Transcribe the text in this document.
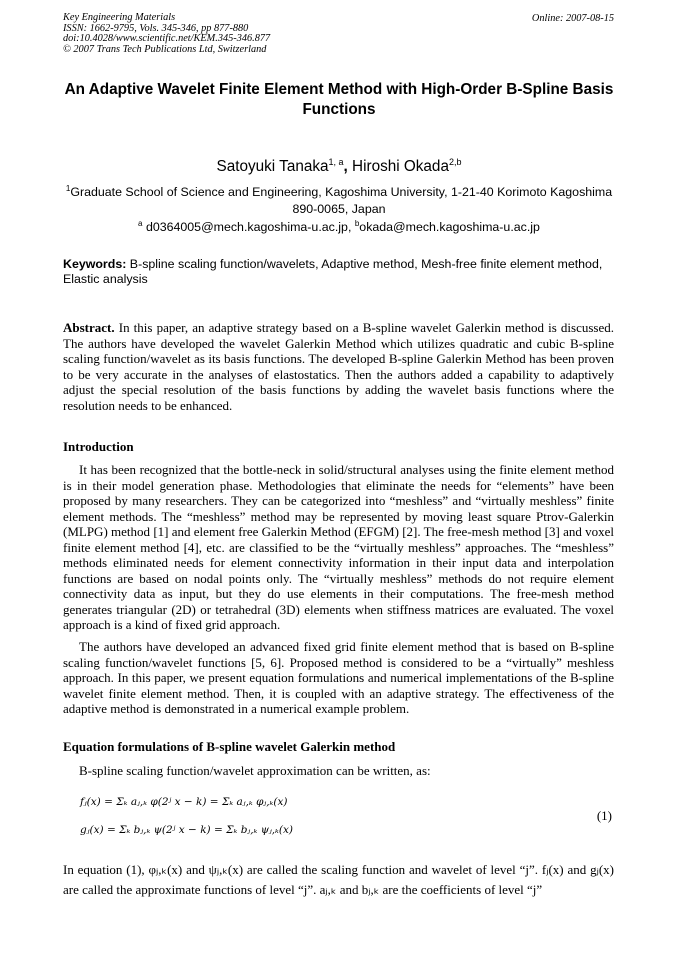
Key Engineering Materials
ISSN: 1662-9795, Vols. 345-346, pp 877-880
doi:10.4028/www.scientific.net/KEM.345-346.877
© 2007 Trans Tech Publications Ltd, Switzerland
Online: 2007-08-15
An Adaptive Wavelet Finite Element Method with High-Order B-Spline Basis Functions
Satoyuki Tanaka$^{1, a}$, Hiroshi Okada$^{2,b}$
$^1$Graduate School of Science and Engineering, Kagoshima University, 1-21-40 Korimoto Kagoshima 890-0065, Japan
$^a$ d0364005@mech.kagoshima-u.ac.jp, $^b$okada@mech.kagoshima-u.ac.jp
Keywords: B-spline scaling function/wavelets, Adaptive method, Mesh-free finite element method, Elastic analysis
Abstract. In this paper, an adaptive strategy based on a B-spline wavelet Galerkin method is discussed. The authors have developed the wavelet Galerkin Method which utilizes quadratic and cubic B-spline scaling function/wavelet as its basis functions. The developed B-spline Galerkin Method has been proven to be very accurate in the analyses of elastostatics. Then the authors added a capability to adaptively adjust the special resolution of the basis functions by adding the wavelet basis functions where the resolution needs to be enhanced.
Introduction
It has been recognized that the bottle-neck in solid/structural analyses using the finite element method is in their model generation phase. Methodologies that eliminate the needs for “elements” have been proposed by many researchers. They can be categorized into “meshless” and “virtually meshless” finite element methods. The “meshless” method may be represented by moving least square Ptrov-Galerkin (MLPG) method [1] and element free Galerkin Method (EFGM) [2]. The free-mesh method [3] and voxel finite element method [4], etc. are classified to be the “virtually meshless” approaches. The “meshless” methods eliminated needs for element connectivity information in their input data and interpolation functions are based on nodal points only. The “virtually meshless” methods do not require element connectivity data as input, but they do use elements in their computations. The free-mesh method generates triangular (2D) or tetrahedral (3D) elements when stiffness matrices are evaluated. The voxel approach is a kind of fixed grid approach.
The authors have developed an advanced fixed grid finite element method that is based on B-spline scaling function/wavelet functions [5, 6]. Proposed method is considered to be a “virtually” meshless approach. In this paper, we present equation formulations and numerical implementations of the B-spline wavelet finite element method. Then, it is coupled with an adaptive strategy. The effectiveness of the adaptive method is demonstrated in a numerical example problem.
Equation formulations of B-spline wavelet Galerkin method
B-spline scaling function/wavelet approximation can be written, as:
fⱼ(x) = Σₖ aⱼ,ₖ φ(2ʲ x − k) = Σₖ aⱼ,ₖ φⱼ,ₖ(x)
gⱼ(x) = Σₖ bⱼ,ₖ ψ(2ʲ x − k) = Σₖ bⱼ,ₖ ψⱼ,ₖ(x)
(1)
In equation (1), φⱼ,ₖ(x) and ψⱼ,ₖ(x) are called the scaling function and wavelet of level “j”. fⱼ(x) and gⱼ(x) are called the approximate functions of level “j”. aⱼ,ₖ and bⱼ,ₖ are the coefficients of level “j”
